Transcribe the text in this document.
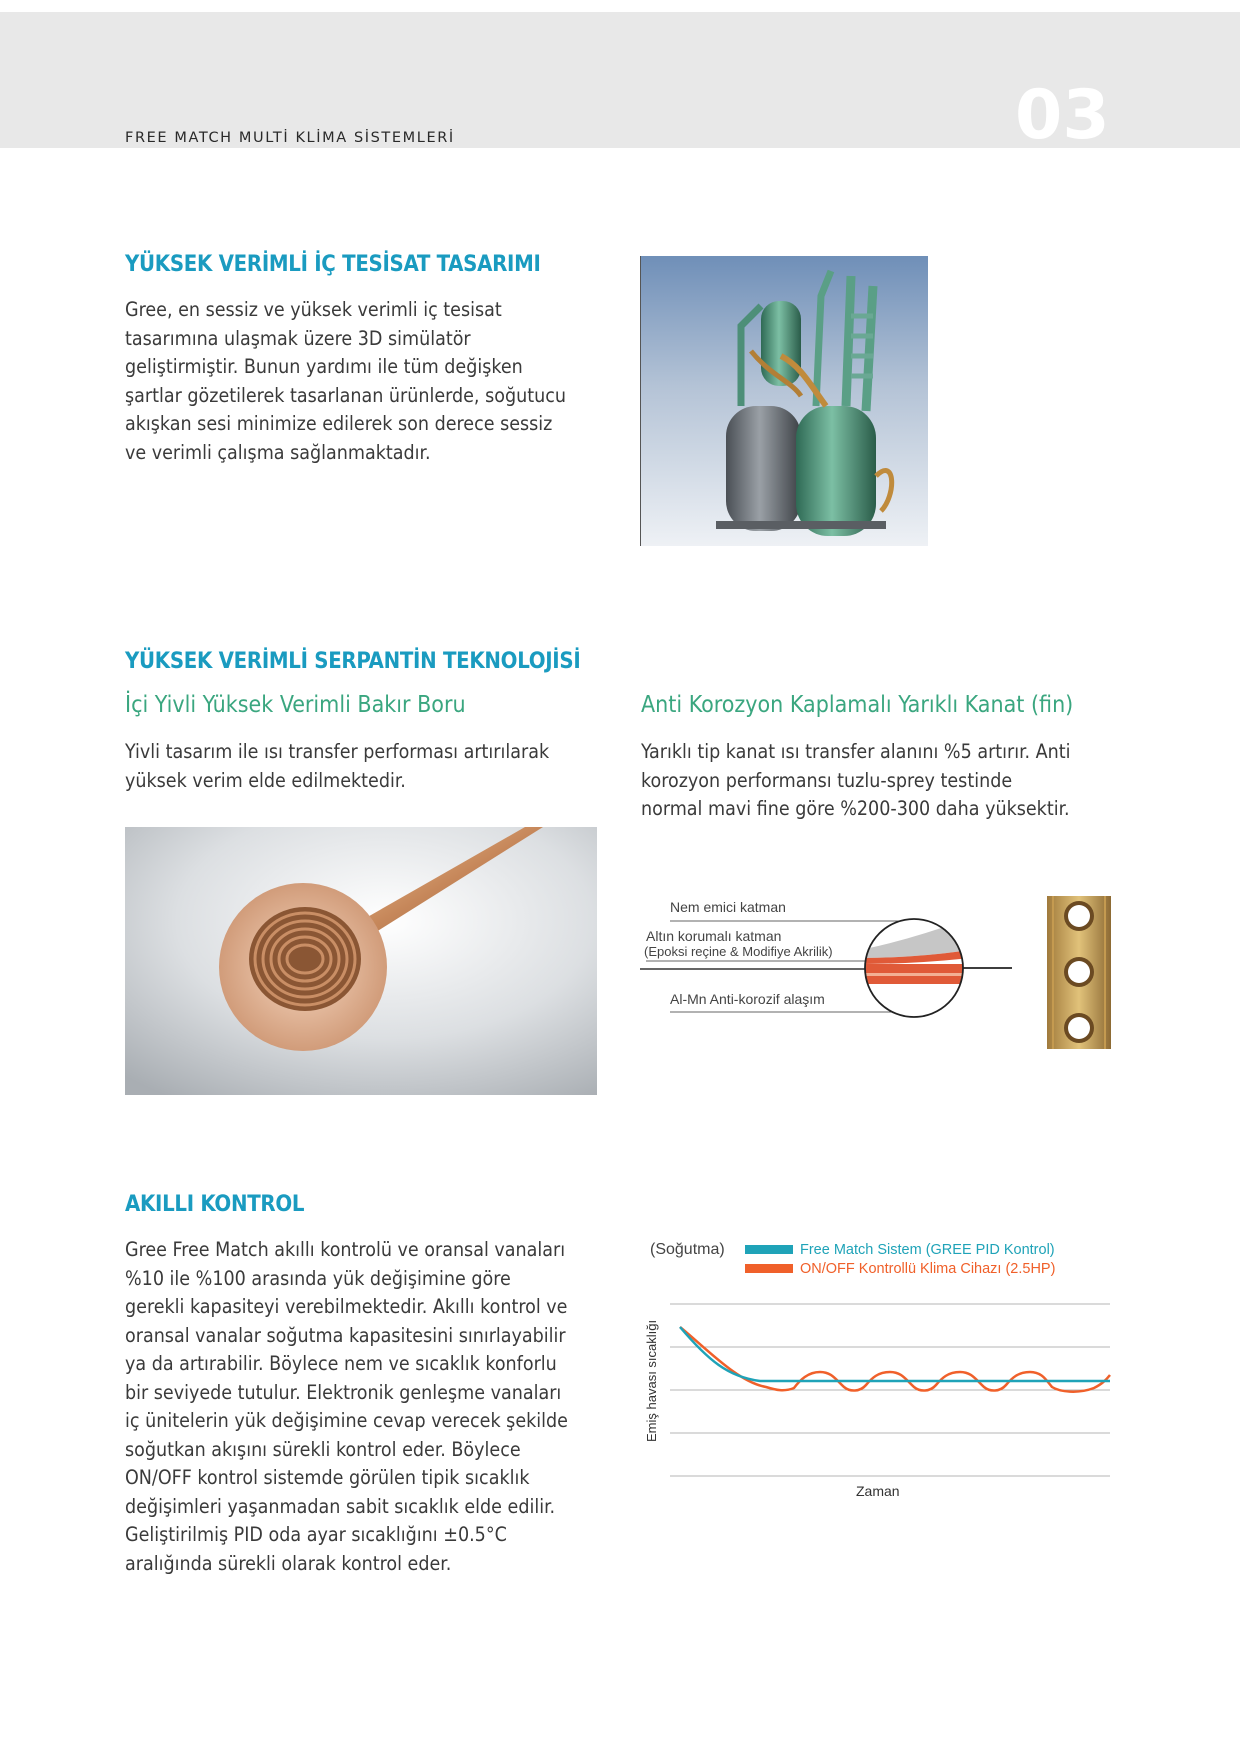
FREE MATCH MULTİ KLİMA SİSTEMLERİ	03
YÜKSEK VERİMLİ İÇ TESİSAT TASARIMI
Gree, en sessiz ve yüksek verimli iç tesisat
tasarımına ulaşmak üzere 3D simülatör
geliştirmiştir. Bunun yardımı ile tüm değişken
şartlar gözetilerek tasarlanan ürünlerde, soğutucu
akışkan sesi minimize edilerek son derece sessiz
ve verimli çalışma sağlanmaktadır.
YÜKSEK VERİMLİ SERPANTİN TEKNOLOJİSİ
İçi Yivli Yüksek Verimli Bakır Boru
Yivli tasarım ile ısı transfer performası artırılarak
yüksek verim elde edilmektedir.
Anti Korozyon Kaplamalı Yarıklı Kanat (fin)
Yarıklı tip kanat ısı transfer alanını %5 artırır. Anti
korozyon performansı tuzlu-sprey testinde
normal mavi fine göre %200-300 daha yüksektir.
Nem emici katman
Altın korumalı katman
(Epoksi reçine & Modifiye Akrilik)
Al-Mn Anti-korozif alaşım
AKILLI KONTROL
Gree Free Match akıllı kontrolü ve oransal vanaları
%10 ile %100 arasında yük değişimine göre
gerekli kapasiteyi verebilmektedir. Akıllı kontrol ve
oransal vanalar soğutma kapasitesini sınırlayabilir
ya da artırabilir. Böylece nem ve sıcaklık konforlu
bir seviyede tutulur. Elektronik genleşme vanaları
iç ünitelerin yük değişimine cevap verecek şekilde
soğutkan akışını sürekli kontrol eder. Böylece
ON/OFF kontrol sistemde görülen tipik sıcaklık
değişimleri yaşanmadan sabit sıcaklık elde edilir.
Geliştirilmiş PID oda ayar sıcaklığını ±0.5°C
aralığında sürekli olarak kontrol eder.
(Soğutma)	Free Match Sistem (GREE PID Kontrol)
ON/OFF Kontrollü Klima Cihazı (2.5HP)
Emiş havası sıcaklığı
Zaman
